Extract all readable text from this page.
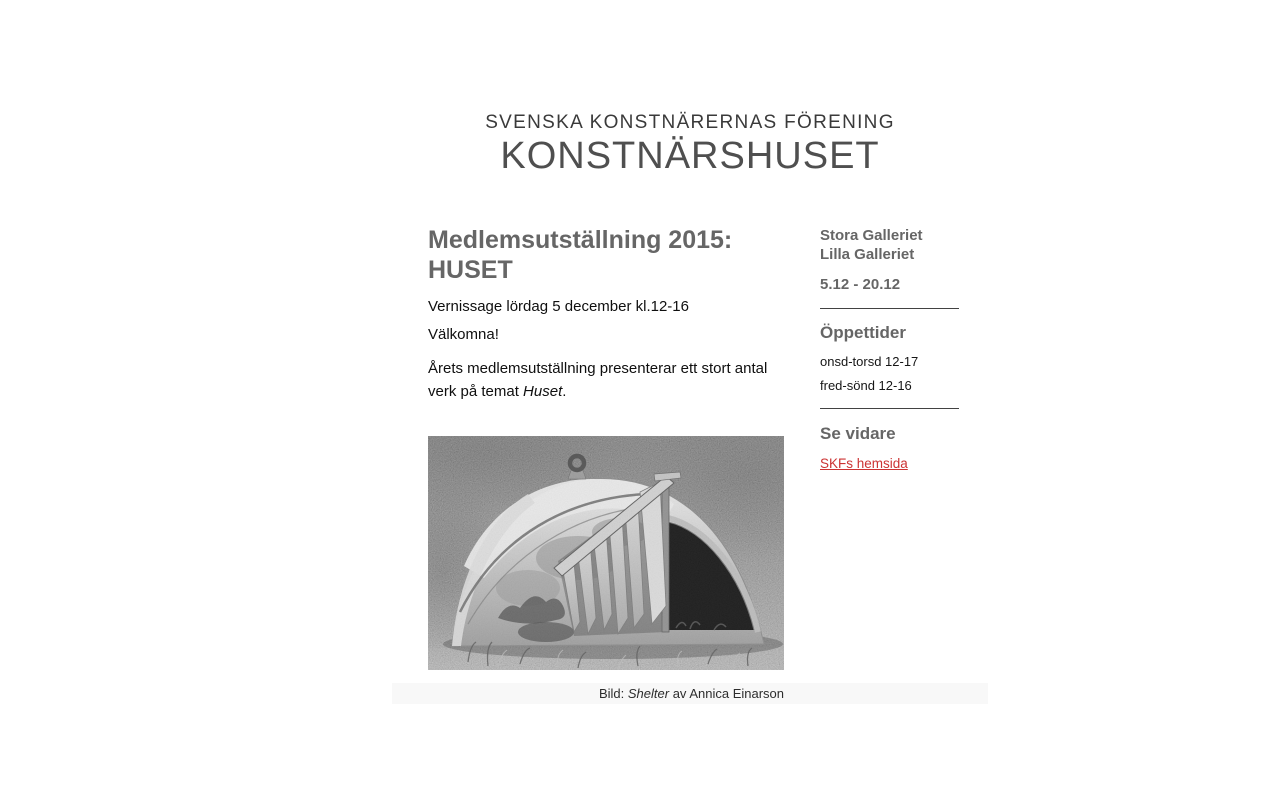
SVENSKA KONSTNÄRERNAS FÖRENING
KONSTNÄRSHUSET
Medlemsutställning 2015:
HUSET

Vernissage lördag 5 december kl.12-16

Välkomna!

Årets medlemsutställning presenterar ett stort antal verk på temat Huset.

Bild: Shelter av Annica Einarson
Stora Galleriet
Lilla Galleriet
5.12 - 20.12
Öppettider
onsd-torsd 12-17
fred-sönd 12-16
Se vidare
SKFs hemsida
